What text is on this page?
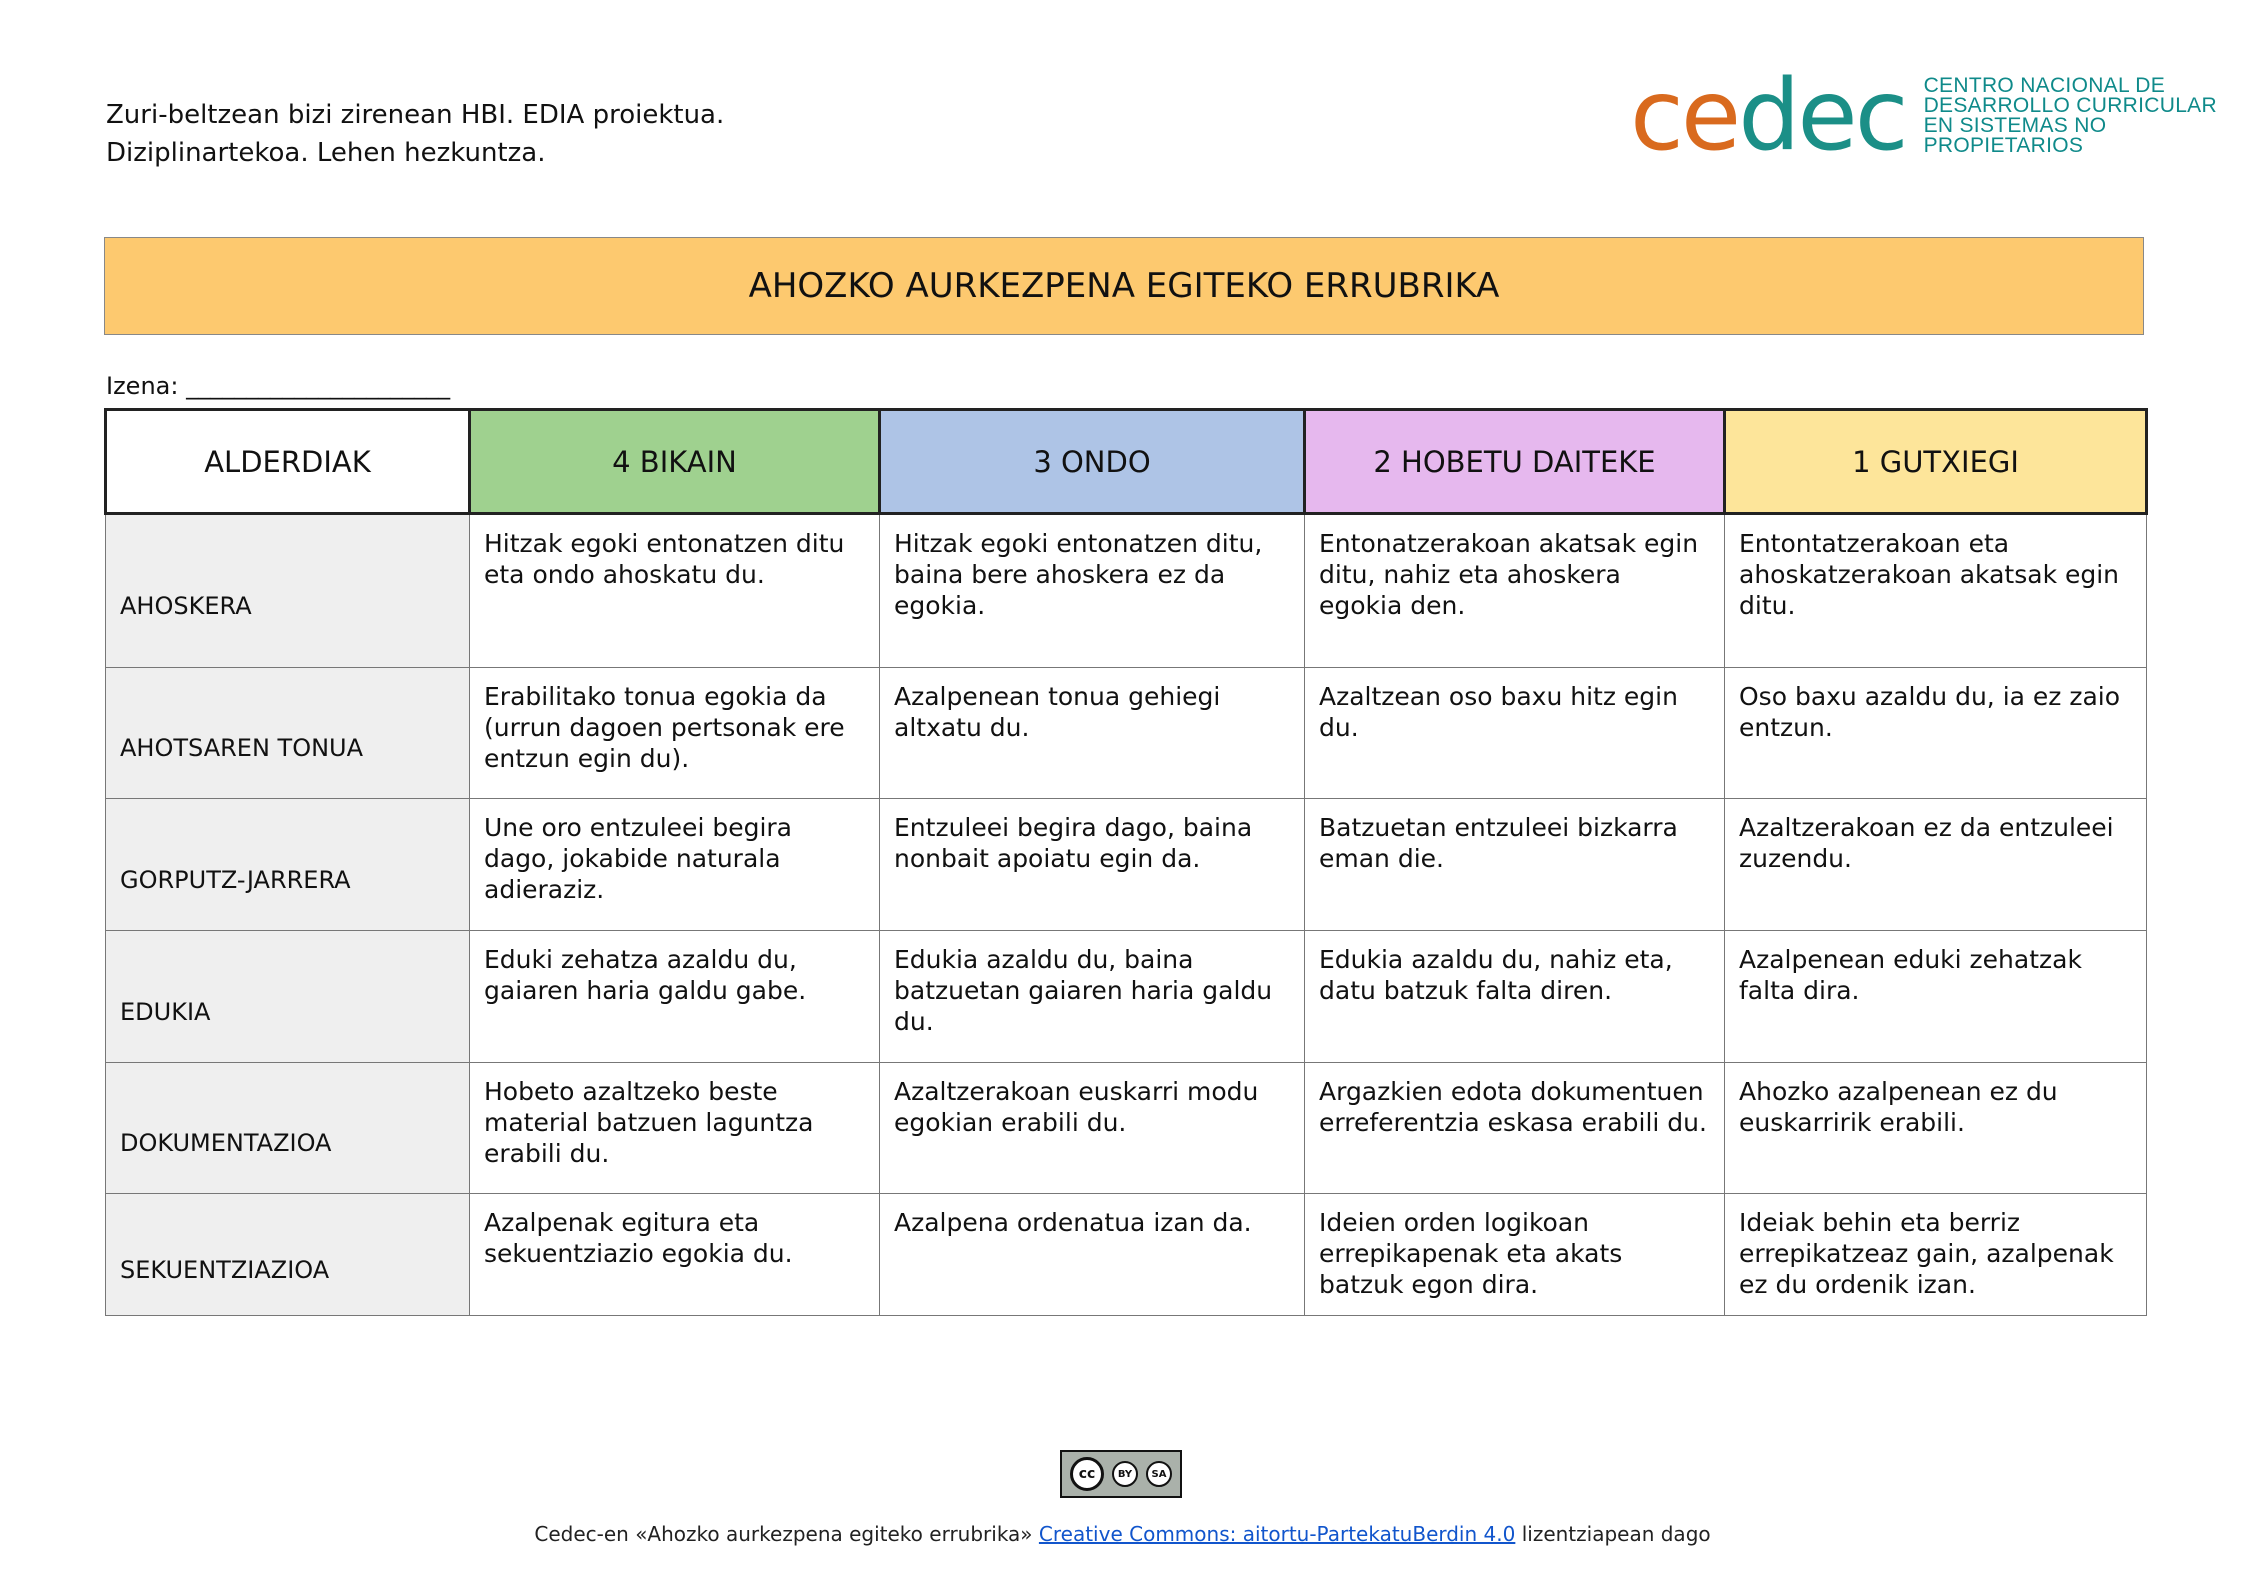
Zuri-beltzean bizi zirenean HBI. EDIA proiektua.
Diziplinartekoa. Lehen hezkuntza.	c e d e c CENTRO NACIONAL DE
DESARROLLO CURRICULAR
EN SISTEMAS NO PROPIETARIOS
AHOZKO AURKEZPENA EGITEKO ERRUBRIKA
Izena: ______________________
ALDERDIAK	4 BIKAIN	3 ONDO	2 HOBETU DAITEKE	1 GUTXIEGI
AHOSKERA	Hitzak egoki entonatzen ditu eta ondo ahoskatu du.	Hitzak egoki entonatzen ditu, baina bere ahoskera ez da egokia.	Entonatzerakoan akatsak egin ditu, nahiz eta ahoskera egokia den.	Entontatzerakoan eta ahoskatzerakoan akatsak egin ditu.
AHOTSAREN TONUA	Erabilitako tonua egokia da (urrun dagoen pertsonak ere entzun egin du).	Azalpenean tonua gehiegi altxatu du.	Azaltzean oso baxu hitz egin du.	Oso baxu azaldu du, ia ez zaio entzun.
GORPUTZ-JARRERA	Une oro entzuleei begira dago, jokabide naturala adieraziz.	Entzuleei begira dago, baina nonbait apoiatu egin da.	Batzuetan entzuleei bizkarra eman die.	Azaltzerakoan ez da entzuleei zuzendu.
EDUKIA	Eduki zehatza azaldu du, gaiaren haria galdu gabe.	Edukia azaldu du, baina batzuetan gaiaren haria galdu du.	Edukia azaldu du, nahiz eta, datu batzuk falta diren.	Azalpenean eduki zehatzak falta dira.
DOKUMENTAZIOA	Hobeto azaltzeko beste material batzuen laguntza erabili du.	Azaltzerakoan euskarri modu egokian erabili du.	Argazkien edota dokumentuen erreferentzia eskasa erabili du.	Ahozko azalpenean ez du euskarririk erabili.
SEKUENTZIAZIOA	Azalpenak egitura eta sekuentziazio egokia du.	Azalpena ordenatua izan da.	Ideien orden logikoan errepikapenak eta akats batzuk egon dira.	Ideiak behin eta berriz errepikatzeaz gain, azalpenak ez du ordenik izan.
cc	BY	SA
Cedec-en «Ahozko aurkezpena egiteko errubrika» Creative Commons: aitortu-PartekatuBerdin 4.0 lizentziapean dago
